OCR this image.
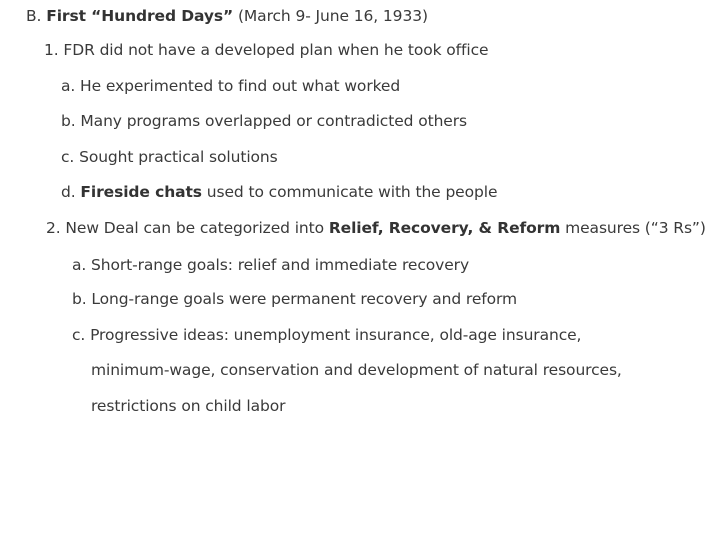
B. First “Hundred Days” (March 9- June 16, 1933)
1. FDR did not have a developed plan when he took office
a. He experimented to find out what worked
b. Many programs overlapped or contradicted others
c. Sought practical solutions
d. Fireside chats used to communicate with the people
2. New Deal can be categorized into Relief, Recovery, & Reform measures (“3 Rs”)
a. Short-range goals: relief and immediate recovery
b. Long-range goals were permanent recovery and reform
c. Progressive ideas: unemployment insurance, old-age insurance,
minimum-wage, conservation and development of natural resources,
restrictions on child labor
